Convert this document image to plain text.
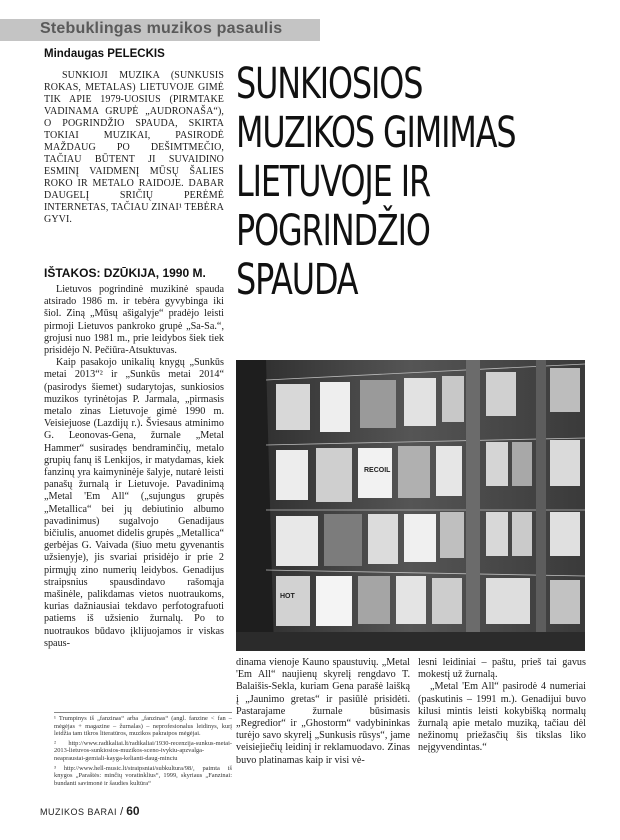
Stebuklingas muzikos pasaulis
Mindaugas PELECKIS

SUNKIOJI MUZIKA (SUNKUSIS ROKAS, METALAS) LIETUVOJE GIMĖ TIK APIE 1979-UOSIUS (PIRMTAKE VADINAMA GRUPĖ „AUDRONAŠA“), O POGRINDŽIO SPAUDA, SKIRTA TOKIAI MUZIKAI, PASIRODĖ MAŽDAUG PO DEŠIMTMEČIO, TAČIAU BŪTENT JI SUVAIDINO ESMINĮ VAIDMENĮ MŪSŲ ŠALIES ROKO IR METALO RAIDOJE. DABAR DAUGELĮ SRIČIŲ PERĖMĖ INTERNETAS, TAČIAU ZINAI¹ TEBĖRA GYVI.

IŠTAKOS: DZŪKIJA, 1990 M.

Lietuvos pogrindinė muzikinė spauda atsirado 1986 m. ir tebėra gyvybinga iki šiol. Ziną „Mūsų ašigalyje“ pradėjo leisti pirmoji Lietuvos pankroko grupė „Sa-Sa.“, grojusi nuo 1981 m., prie leidybos šiek tiek prisidėjo N. Pečiūra-Atsuktuvas.

Kaip pasakojo unikalių knygų „Sunkūs metai 2013“² ir „Sunkūs metai 2014“ (pasirodys šiemet) sudarytojas, sunkiosios muzikos tyrinėtojas P. Jarmala, „pirmasis metalo zinas Lietuvoje gimė 1990 m. Veisiejuose (Lazdijų r.). Šviesaus atminimo G. Leonovas-Gena, žurnale „Metal Hammer“ susiradęs bendraminčių, metalo grupių fanų iš Lenkijos, ir matydamas, kiek fanzinų yra kaimyninėje šalyje, nutarė leisti panašų žurnalą ir Lietuvoje. Pavadinimą „Metal 'Em All“ („sujungus grupės „Metallica“ bei jų debiutinio albumo pavadinimus) sugalvojo Genadijaus bičiulis, anuomet didelis grupės „Metallica“ gerbėjas G. Vaivada (šiuo metu gyvenantis užsienyje), jis svariai prisidėjo ir prie 2 pirmųjų zino numerių leidybos. Genadijus straipsnius spausdindavo rašomąja mašinėle, palikdamas vietos nuotraukoms, kurias dažniausiai tekdavo perfotografuoti patiems iš užsienio žurnalų. Po to nuotraukos būdavo įklijuojamos ir viskas spaus-

¹ Trumpinys iš „fanzinas“ arba „fanzinas“ (angl. fanzine < fan – mėgėjas + magazine – žurnalas) – neprofesionalus leidinys, kurį leidžia tam tikros literatūros, muzikos pakraipos mėgėjai.

² http://www.radikaliai.lt/radikaliai/1930-recenzija-sunkus-metai-2013-lietuvos-sunkiosios-muzikos-sceno-ivykiu-apzvalga-neapraustai-gemiali-kayga-kelianti-daug-minciu

³ http://www.hell-music.lt/straipsniai/subkultura/98/, paimta iš knygos „Paraštės: minčių voratinklius“, 1999, skyriaus „Fanzinai: bundanti savimonė ir šaudies kultūra“

SUNKIOSIOS
MUZIKOS GIMIMAS
LIETUVOJE IR
POGRINDŽIO
SPAUDA
RECOIL
HOT

dinama vienoje Kauno spaustuvių. „Metal 'Em All“ naujienų skyrelį rengdavo T. Balaišis-Sekla, kuriam Gena parašė laišką į „Jaunimo gretas“ ir pasiūlė prisidėti. Pastarajame žurnale būsimasis „Regredior“ ir „Ghostorm“ vadybininkas turėjo savo skyrelį „Sunkusis rūsys“, jame veisiejiečių leidinį ir reklamuodavo. Zinas buvo platinamas kaip ir visi vė-

lesni leidiniai – paštu, prieš tai gavus mokestį už žurnalą.

„Metal 'Em All“ pasirodė 4 numeriai (paskutinis – 1991 m.). Genadijui buvo kilusi mintis leisti kokybišką normalų žurnalą apie metalo muziką, tačiau dėl nežinomų priežasčių šis tikslas liko neįgyvendintas.“

MUZIKOS BARAI / 60
